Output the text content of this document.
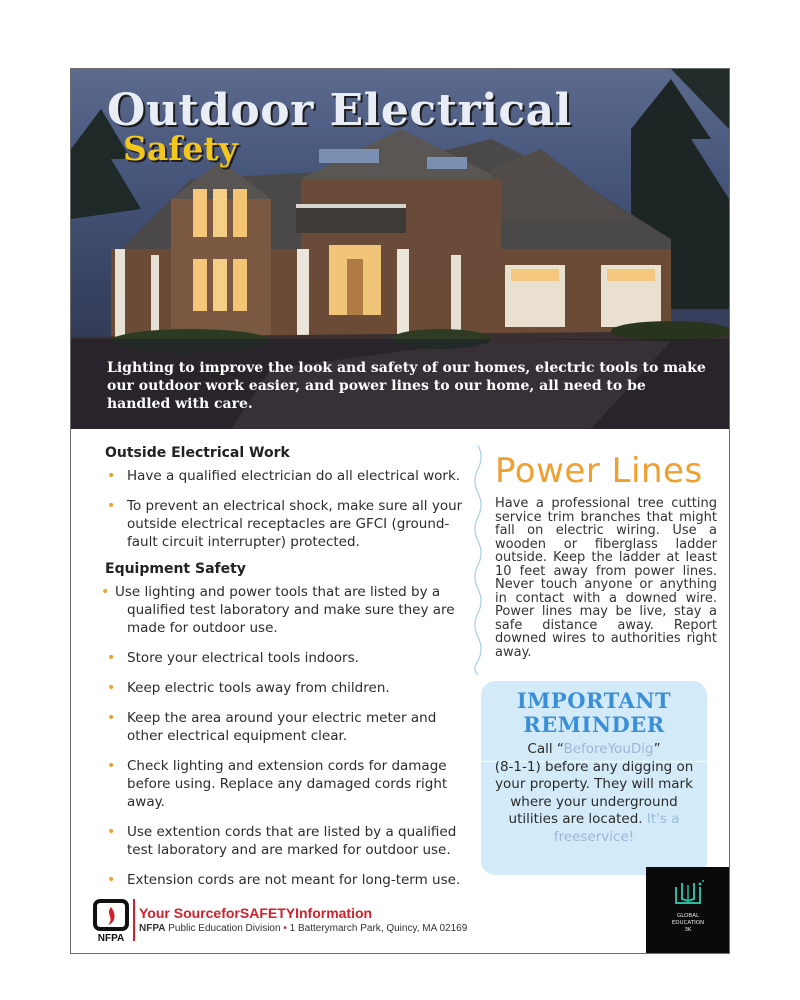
Outdoor Electrical
Safety
Lighting to improve the look and safety of our homes, electric tools to make our outdoor work easier, and power lines to our home, all need to be handled with care.
Outside Electrical Work
• Have a qualified electrician do all electrical work.
• To prevent an electrical shock, make sure all your outside electrical receptacles are GFCI (ground-fault circuit interrupter) protected.
Equipment Safety
• Use lighting and power tools that are listed by a
qualified test laboratory and make sure they are made for outdoor use.
• Store your electrical tools indoors.
• Keep electric tools away from children.
• Keep the area around your electric meter and other electrical equipment clear.
• Check lighting and extension cords for damage before using. Replace any damaged cords right away.
• Use extention cords that are listed by a qualified test laboratory and are marked for outdoor use.
• Extension cords are not meant for long-term use.
Power Lines
Have a professional tree cutting service trim branches that might fall on electric wiring. Use a wooden or fiberglass ladder outside. Keep the ladder at least 10 feet away from power lines. Never touch anyone or anything in contact with a downed wire. Power lines may be live, stay a safe distance away. Report downed wires to authorities right away.
IMPORTANT
REMINDER
Call “BeforeYouDig”
(8-1-1) before any digging on your property. They will mark where your underground utilities are located. It's a freeservice!
NFPA
Your SourceforSAFETYInformation
NFPA Public Education Division • 1 Batterymarch Park, Quincy, MA 02169
GLOBAL
EDUCATION
3K
